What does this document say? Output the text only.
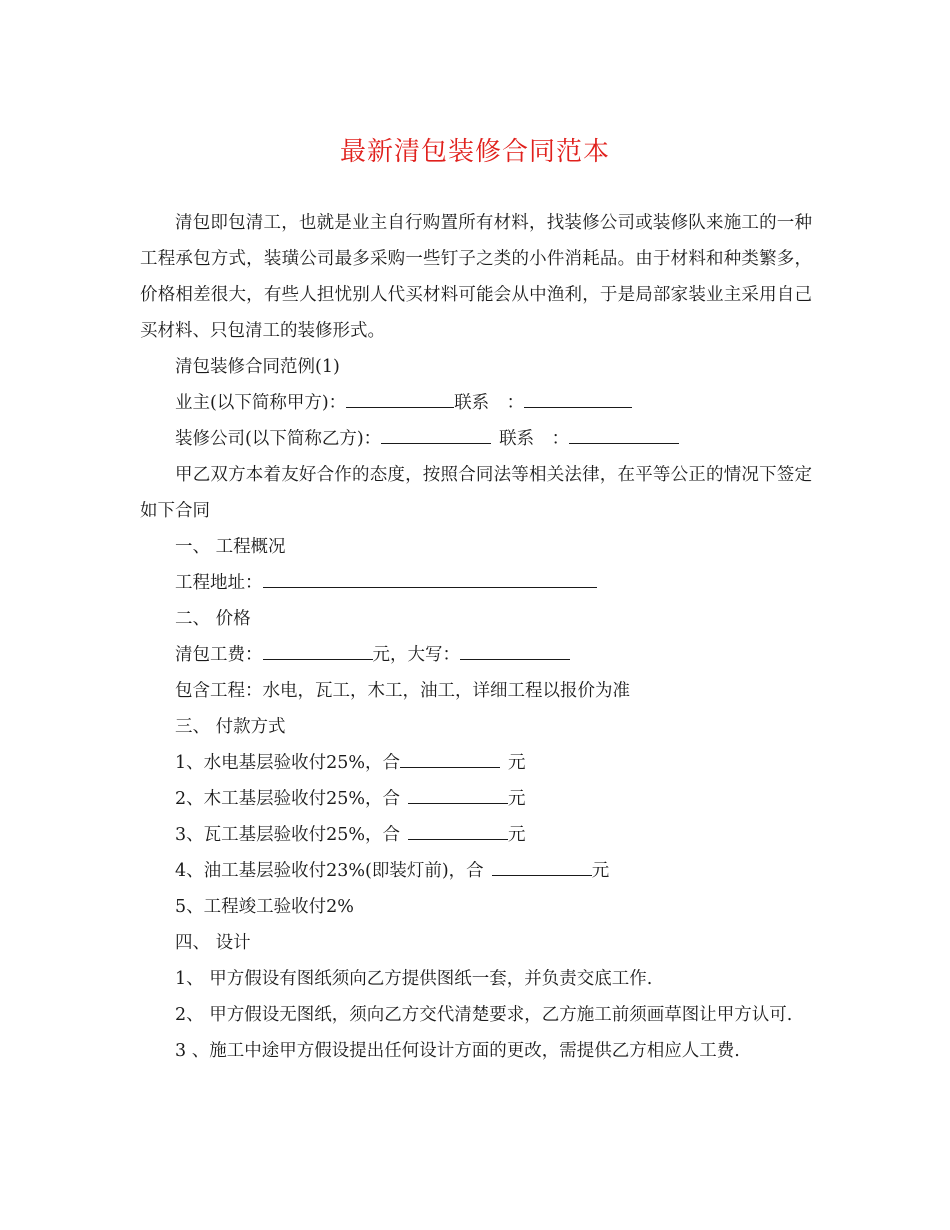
最新清包装修合同范本

清包即包清工，也就是业主自行购置所有材料，找装修公司或装修队来施工的一种工程承包方式，装璜公司最多采购一些钉子之类的小件消耗品。由于材料和种类繁多，价格相差很大，有些人担忧别人代买材料可能会从中渔利，于是局部家装业主采用自己买材料、只包清工的装修形式。

清包装修合同范例(1)

业主(以下简称甲方)：	联系　：

装修公司(以下简称乙方)：	联系　：

甲乙双方本着友好合作的态度，按照合同法等相关法律，在平等公正的情况下签定如下合同

一、 工程概况

工程地址：

二、 价格

清包工费：	元，大写：

包含工程：水电，瓦工，木工，油工，详细工程以报价为准

三、 付款方式

1、水电基层验收付25%，合	元

2、木工基层验收付25%，合	元

3、瓦工基层验收付25%，合	元

4、油工基层验收付23%(即装灯前)，合	元

5、工程竣工验收付2%

四、 设计

1、 甲方假设有图纸须向乙方提供图纸一套，并负责交底工作.

2、 甲方假设无图纸，须向乙方交代清楚要求，乙方施工前须画草图让甲方认可.

3 、施工中途甲方假设提出任何设计方面的更改，需提供乙方相应人工费.
